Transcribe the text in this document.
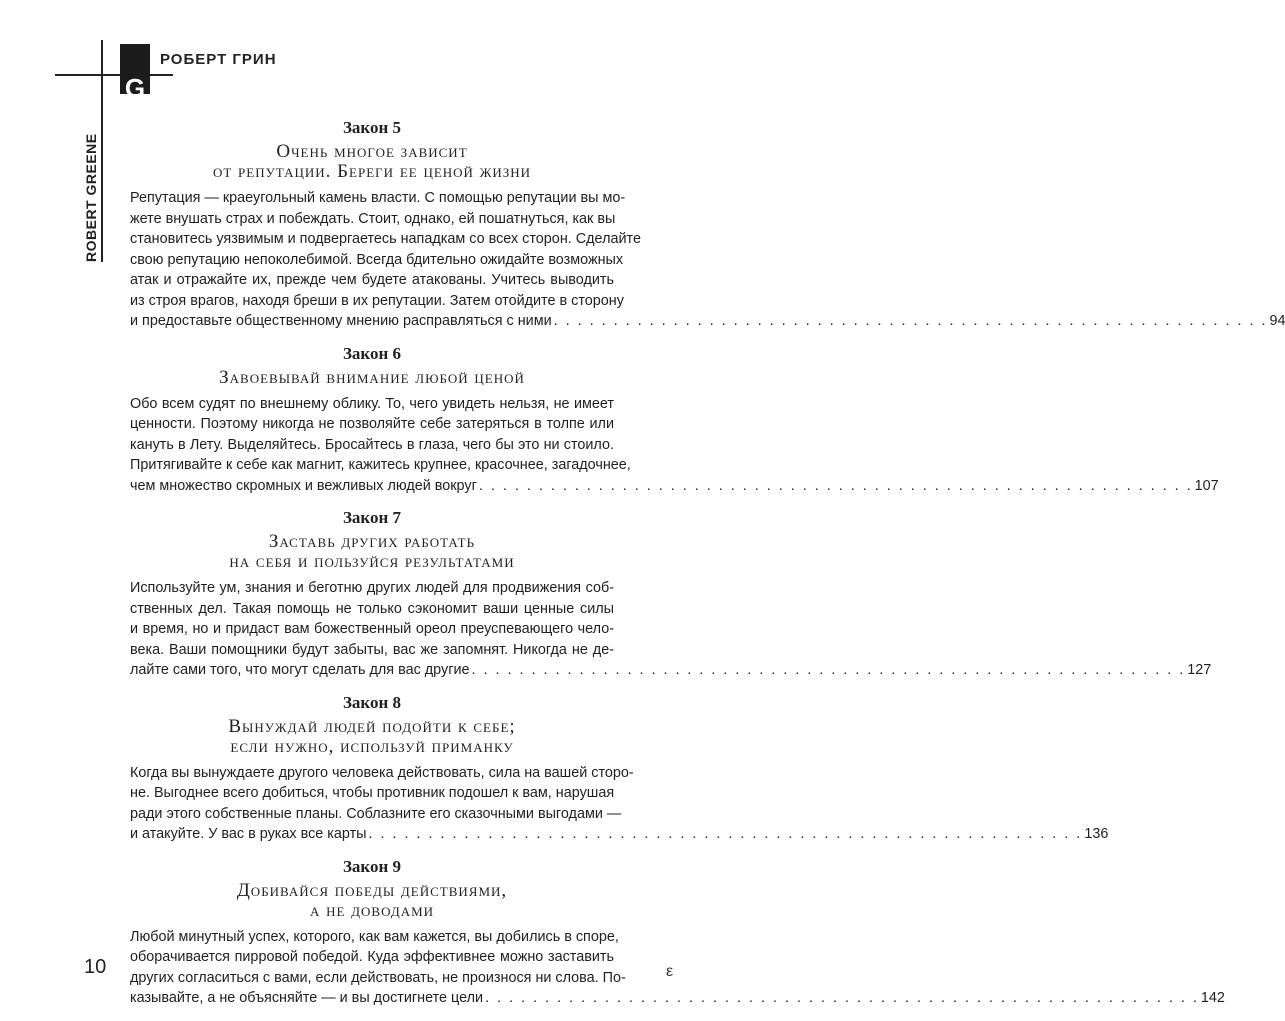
G
РОБЕРТ ГРИН
ROBERT GREENE
Закон 5
Очень многое зависит
от репутации. Береги ее ценой жизни
Репутация — краеугольный камень власти. С помощью репутации вы мо-
жете внушать страх и побеждать. Стоит, однако, ей пошатнуться, как вы
становитесь уязвимым и подвергаетесь нападкам со всех сторон. Сделайте
свою репутацию непоколебимой. Всегда бдительно ожидайте возможных
атак и отражайте их, прежде чем будете атакованы. Учитесь выводить
из строя врагов, находя бреши в их репутации. Затем отойдите в сторону
и предоставьте общественному мнению расправляться с ними . . . . . . . . . . . . . . . . . . . . . . . . . . . . . . . . . . . . . . . . . . . . . . . . . . . . . . . . . . . . 94
Закон 6
Завоевывай внимание любой ценой
Обо всем судят по внешнему облику. То, чего увидеть нельзя, не имеет
ценности. Поэтому никогда не позволяйте себе затеряться в толпе или
кануть в Лету. Выделяйтесь. Бросайтесь в глаза, чего бы это ни стоило.
Притягивайте к себе как магнит, кажитесь крупнее, красочнее, загадочнее,
чем множество скромных и вежливых людей вокруг . . . . . . . . . . . . . . . . . . . . . . . . . . . . . . . . . . . . . . . . . . . . . . . . . . . . . . . . . . . . 107
Закон 7
Заставь других работать
на себя и пользуйся результатами
Используйте ум, знания и беготню других людей для продвижения соб-
ственных дел. Такая помощь не только сэкономит ваши ценные силы
и время, но и придаст вам божественный ореол преуспевающего чело-
века. Ваши помощники будут забыты, вас же запомнят. Никогда не де-
лайте сами того, что могут сделать для вас другие . . . . . . . . . . . . . . . . . . . . . . . . . . . . . . . . . . . . . . . . . . . . . . . . . . . . . . . . . . . . 127
Закон 8
Вынуждай людей подойти к себе;
если нужно, используй приманку
Когда вы вынуждаете другого человека действовать, сила на вашей сторо-
не. Выгоднее всего добиться, чтобы противник подошел к вам, нарушая
ради этого собственные планы. Соблазните его сказочными выгодами —
и атакуйте. У вас в руках все карты . . . . . . . . . . . . . . . . . . . . . . . . . . . . . . . . . . . . . . . . . . . . . . . . . . . . . . . . . . . . 136
Закон 9
Добивайся победы действиями,
а не доводами
Любой минутный успех, которого, как вам кажется, вы добились в споре,
оборачивается пирровой победой. Куда эффективнее можно заставить
других согласиться с вами, если действовать, не произнося ни слова. По-
казывайте, а не объясняйте — и вы достигнете цели . . . . . . . . . . . . . . . . . . . . . . . . . . . . . . . . . . . . . . . . . . . . . . . . . . . . . . . . . . . . 142
10	ε
